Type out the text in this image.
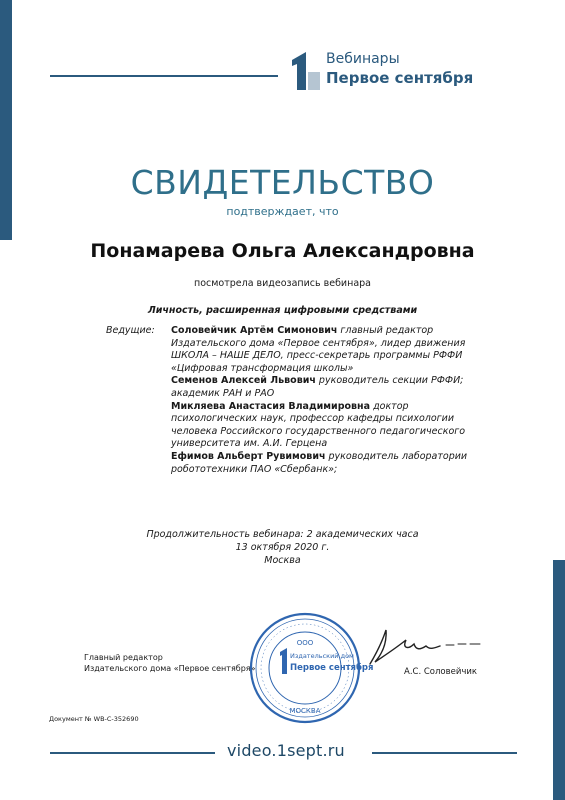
Вебинары
Первое сентября
СВИДЕТЕЛЬСТВО
подтверждает, что
Понамарева Ольга Александровна
посмотрела видеозапись вебинара
Личность, расширенная цифровыми средствами
Ведущие: Соловейчик Артём Симонович главный редактор Издательского дома «Первое сентября», лидер движения ШКОЛА – НАШЕ ДЕЛО, пресс-секретарь программы РФФИ «Цифровая трансформация школы»
Семенов Алексей Львович руководитель секции РФФИ; академик РАН и РАО
Микляева Анастасия Владимировна доктор психологических наук, профессор кафедры психологии человека Российского государственного педагогического университета им. А.И. Герцена
Ефимов Альберт Рувимович руководитель лаборатории робототехники ПАО «Сбербанк»;
Продолжительность вебинара: 2 академических часа
13 октября 2020 г.
Москва
Главный редактор
Издательского дома «Первое сентября»
ООО
Издательский дом
Первое сентября
МОСКВА
А.С. Соловейчик
Документ № WB-C-352690
video.1sept.ru
